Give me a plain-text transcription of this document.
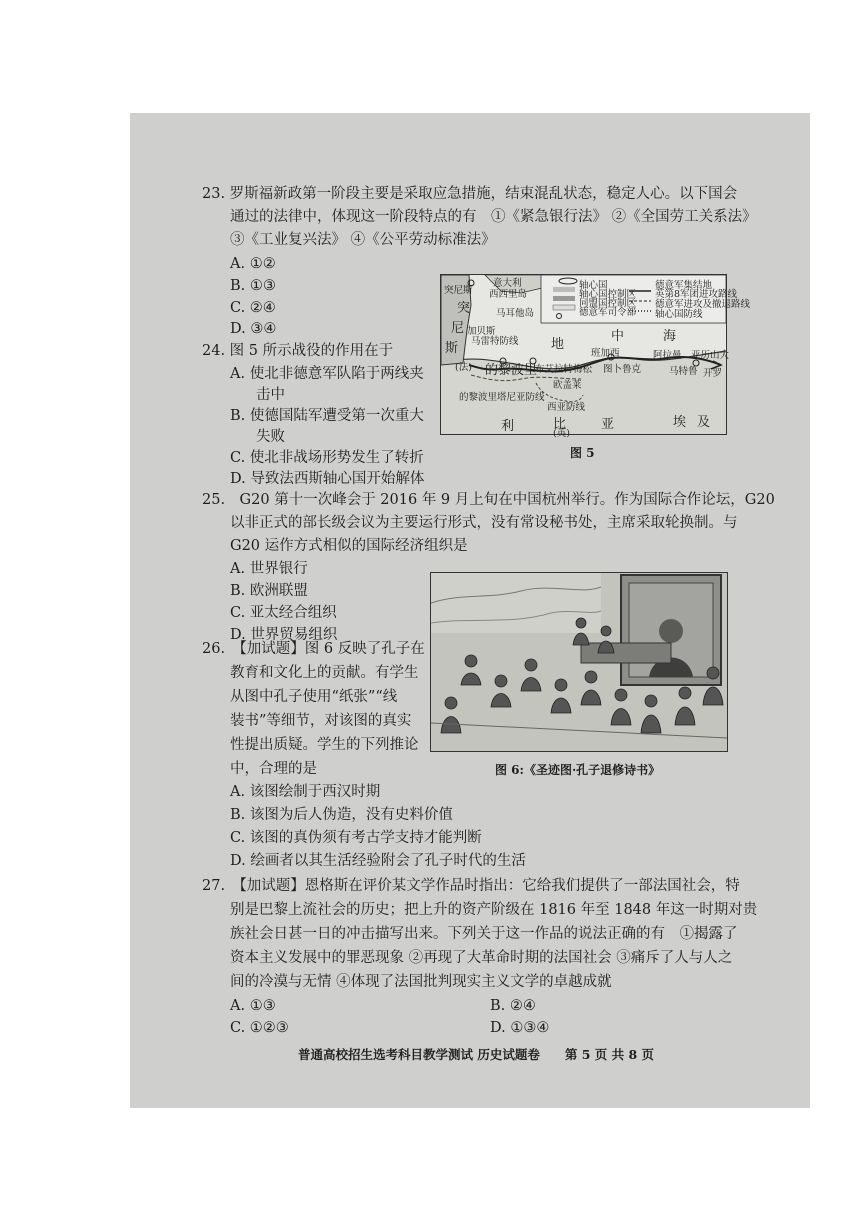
23. 罗斯福新政第一阶段主要是采取应急措施，结束混乱状态，稳定人心。以下国会
通过的法律中，体现这一阶段特点的有　①《紧急银行法》 ②《全国劳工关系法》
③《工业复兴法》 ④《公平劳动标准法》
A. ①②
B. ①③
C. ②④
D. ③④
24. 图 5 所示战役的作用在于
A. 使北非德意军队陷于两线夹
击中
B. 使德国陆军遭受第一次重大
失败
C. 使北非战场形势发生了转折
D. 导致法西斯轴心国开始解体
轴心国
轴心国控制区
同盟国控制区
德意军司令部
德意军集结地
英第8军团进攻路线
德意军进攻及撤退路线
轴心国防线
突尼斯
突
尼
斯
意大利
西西里岛
马耳他岛
加贝斯
马雷特防线 地
中	海
(法) 的黎波里
布艾拉特梅松
班加西
图卜鲁克
欧盖莱
的黎波里塔尼亚防线
西亚防线
阿拉曼
马特鲁
亚历山大
开罗
利	比	亚
(英)
埃 及
图 5
25.　G20 第十一次峰会于 2016 年 9 月上旬在中国杭州举行。作为国际合作论坛，G20
以非正式的部长级会议为主要运行形式，没有常设秘书处，主席采取轮换制。与
G20 运作方式相似的国际经济组织是
A. 世界银行
B. 欧洲联盟
C. 亚太经合组织
D. 世界贸易组织
图 6:《圣迹图·孔子退修诗书》
26.　【加试题】图 6 反映了孔子在
教育和文化上的贡献。有学生
从图中孔子使用“纸张”“线
装书”等细节，对该图的真实
性提出质疑。学生的下列推论
中，合理的是
A. 该图绘制于西汉时期
B. 该图为后人伪造，没有史料价值
C. 该图的真伪须有考古学支持才能判断
D. 绘画者以其生活经验附会了孔子时代的生活
27.　【加试题】恩格斯在评价某文学作品时指出：它给我们提供了一部法国社会，特
别是巴黎上流社会的历史；把上升的资产阶级在 1816 年至 1848 年这一时期对贵
族社会日甚一日的冲击描写出来。下列关于这一作品的说法正确的有　①揭露了
资本主义发展中的罪恶现象 ②再现了大革命时期的法国社会 ③痛斥了人与人之
间的冷漠与无情 ④体现了法国批判现实主义文学的卓越成就
A. ①③	B. ②④
C. ①②③	D. ①③④
普通高校招生选考科目教学测试 历史试题卷　　第 5 页 共 8 页
